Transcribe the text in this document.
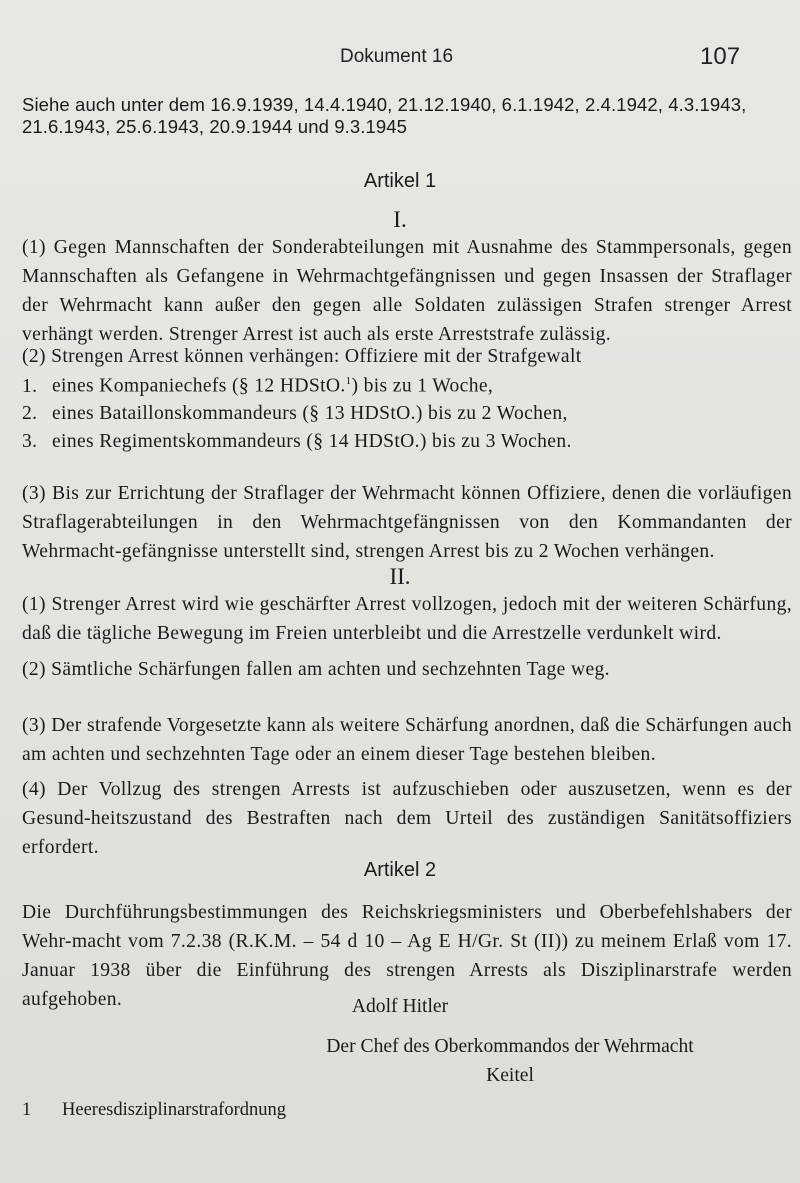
Dokument 16	107
Siehe auch unter dem 16.9.1939, 14.4.1940, 21.12.1940, 6.1.1942, 2.4.1942, 4.3.1943, 21.6.1943, 25.6.1943, 20.9.1944 und 9.3.1945
Artikel 1
I.
(1) Gegen Mannschaften der Sonderabteilungen mit Ausnahme des Stammpersonals, gegen Mannschaften als Gefangene in Wehrmachtgefängnissen und gegen Insassen der Straflager der Wehrmacht kann außer den gegen alle Soldaten zulässigen Strafen strenger Arrest verhängt werden. Strenger Arrest ist auch als erste Arreststrafe zulässig.
(2) Strengen Arrest können verhängen: Offiziere mit der Strafgewalt
1. eines Kompaniechefs (§ 12 HDStO.$^1$) bis zu 1 Woche,
2. eines Bataillonskommandeurs (§ 13 HDStO.) bis zu 2 Wochen,
3. eines Regimentskommandeurs (§ 14 HDStO.) bis zu 3 Wochen.
(3) Bis zur Errichtung der Straflager der Wehrmacht können Offiziere, denen die vorläufigen Straflagerabteilungen in den Wehrmachtgefängnissen von den Kommandanten der Wehrmacht-gefängnisse unterstellt sind, strengen Arrest bis zu 2 Wochen verhängen.
II.
(1) Strenger Arrest wird wie geschärfter Arrest vollzogen, jedoch mit der weiteren Schärfung, daß die tägliche Bewegung im Freien unterbleibt und die Arrestzelle verdunkelt wird.
(2) Sämtliche Schärfungen fallen am achten und sechzehnten Tage weg.
(3) Der strafende Vorgesetzte kann als weitere Schärfung anordnen, daß die Schärfungen auch am achten und sechzehnten Tage oder an einem dieser Tage bestehen bleiben.
(4) Der Vollzug des strengen Arrests ist aufzuschieben oder auszusetzen, wenn es der Gesund-heitszustand des Bestraften nach dem Urteil des zuständigen Sanitätsoffiziers erfordert.
Artikel 2
Die Durchführungsbestimmungen des Reichskriegsministers und Oberbefehlshabers der Wehr-macht vom 7.2.38 (R.K.M. – 54 d 10 – Ag E H/Gr. St (II)) zu meinem Erlaß vom 17. Januar 1938 über die Einführung des strengen Arrests als Disziplinarstrafe werden aufgehoben.	Adolf Hitler
Der Chef des Oberkommandos der Wehrmacht
Keitel
1 Heeresdisziplinarstrafordnung
